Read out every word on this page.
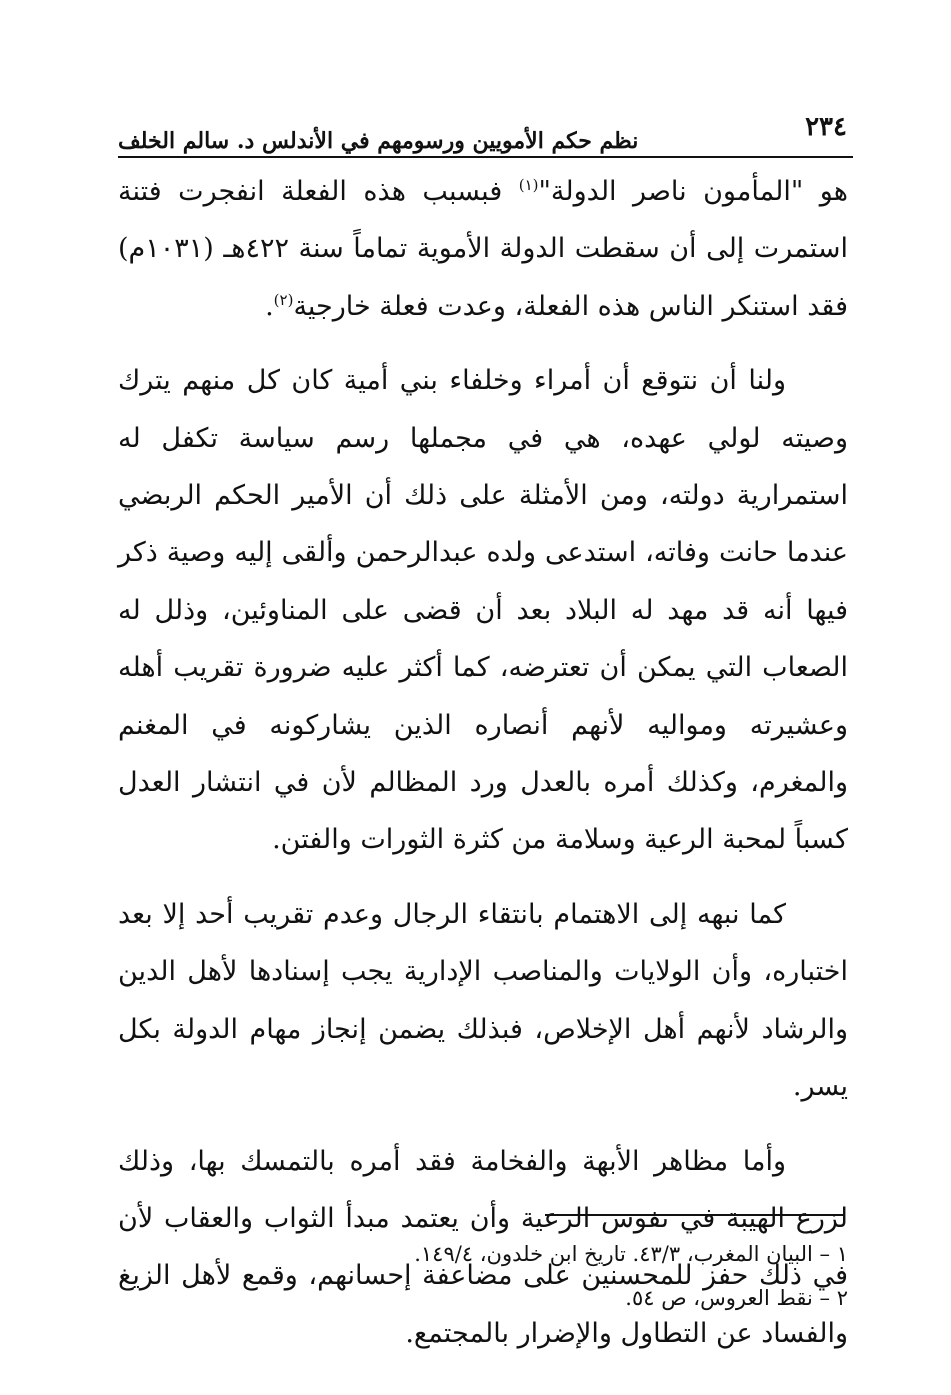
٢٣٤
نظم حكم الأمويين ورسومهم في الأندلس د. سالم الخلف

هو "المأمون ناصر الدولة"$^{(١)}$ فبسبب هذه الفعلة انفجرت فتنة استمرت إلى أن سقطت الدولة الأموية تماماً سنة ٤٢٢هـ (١٠٣١م) فقد استنكر الناس هذه الفعلة، وعدت فعلة خارجية$^{(٢)}$.

ولنا أن نتوقع أن أمراء وخلفاء بني أمية كان كل منهم يترك وصيته لولي عهده، هي في مجملها رسم سياسة تكفل له استمرارية دولته، ومن الأمثلة على ذلك أن الأمير الحكم الربضي عندما حانت وفاته، استدعى ولده عبدالرحمن وألقى إليه وصية ذكر فيها أنه قد مهد له البلاد بعد أن قضى على المناوئين، وذلل له الصعاب التي يمكن أن تعترضه، كما أكثر عليه ضرورة تقريب أهله وعشيرته ومواليه لأنهم أنصاره الذين يشاركونه في المغنم والمغرم، وكذلك أمره بالعدل ورد المظالم لأن في انتشار العدل كسباً لمحبة الرعية وسلامة من كثرة الثورات والفتن.

كما نبهه إلى الاهتمام بانتقاء الرجال وعدم تقريب أحد إلا بعد اختباره، وأن الولايات والمناصب الإدارية يجب إسنادها لأهل الدين والرشاد لأنهم أهل الإخلاص، فبذلك يضمن إنجاز مهام الدولة بكل يسر.

وأما مظاهر الأبهة والفخامة فقد أمره بالتمسك بها، وذلك لزرع الهيبة في نفوس الرعية وأن يعتمد مبدأ الثواب والعقاب لأن في ذلك حفز للمحسنين على مضاعفة إحسانهم، وقمع لأهل الزيغ والفساد عن التطاول والإضرار بالمجتمع.

١ – البيان المغرب، ٤٣/٣. تاريخ ابن خلدون، ١٤٩/٤.
٢ – نقط العروس، ص ٥٤.
